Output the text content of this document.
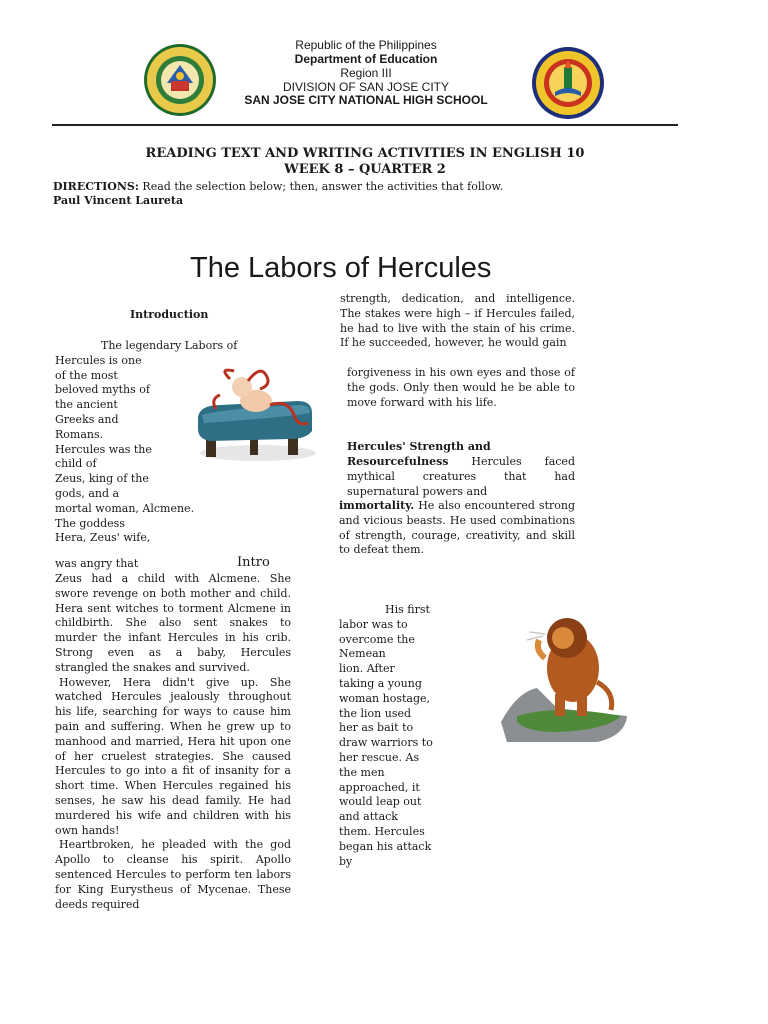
Republic of the Philippines
Department of Education
Region III
DIVISION OF SAN JOSE CITY
SAN JOSE CITY NATIONAL HIGH SCHOOL
READING TEXT AND WRITING ACTIVITIES IN ENGLISH 10
WEEK 8 – QUARTER 2
DIRECTIONS: Read the selection below; then, answer the activities that follow.
Paul Vincent Laureta
The Labors of Hercules
Introduction
The legendary Labors of
Hercules is one
of the most
beloved myths of
the ancient
Greeks and
Romans.
Hercules was the
child of
Zeus, king of the
gods, and a
mortal woman, Alcmene.
The goddess
Hera, Zeus' wife,
was angry that	Intro

Zeus had a child with Alcmene. She swore revenge on both mother and child. Hera sent witches to torment Alcmene in childbirth. She also sent snakes to murder the infant Hercules in his crib. Strong even as a baby, Hercules strangled the snakes and survived.

However, Hera didn't give up. She watched Hercules jealously throughout his life, searching for ways to cause him pain and suffering. When he grew up to manhood and married, Hera hit upon one of her cruelest strategies. She caused Hercules to go into a fit of insanity for a short time. When Hercules regained his senses, he saw his dead family. He had murdered his wife and children with his own hands!

Heartbroken, he pleaded with the god Apollo to cleanse his spirit. Apollo sentenced Hercules to perform ten labors for King Eurystheus of Mycenae. These deeds required

strength, dedication, and intelligence. The stakes were high – if Hercules failed, he had to live with the stain of his crime. If he succeeded, however, he would gain

forgiveness in his own eyes and those of the gods. Only then would he be able to move forward with his life.

Hercules' Strength and

Resourcefulness Hercules faced mythical creatures that had supernatural powers and

immortality. He also encountered strong and vicious beasts. He used combinations of strength, courage, creativity, and skill to defeat them.

His first
labor was to
overcome the
Nemean
lion. After
taking a young
woman hostage,
the lion used
her as bait to
draw warriors to
her rescue. As
the men
approached, it
would leap out
and attack
them. Hercules
began his attack
by
